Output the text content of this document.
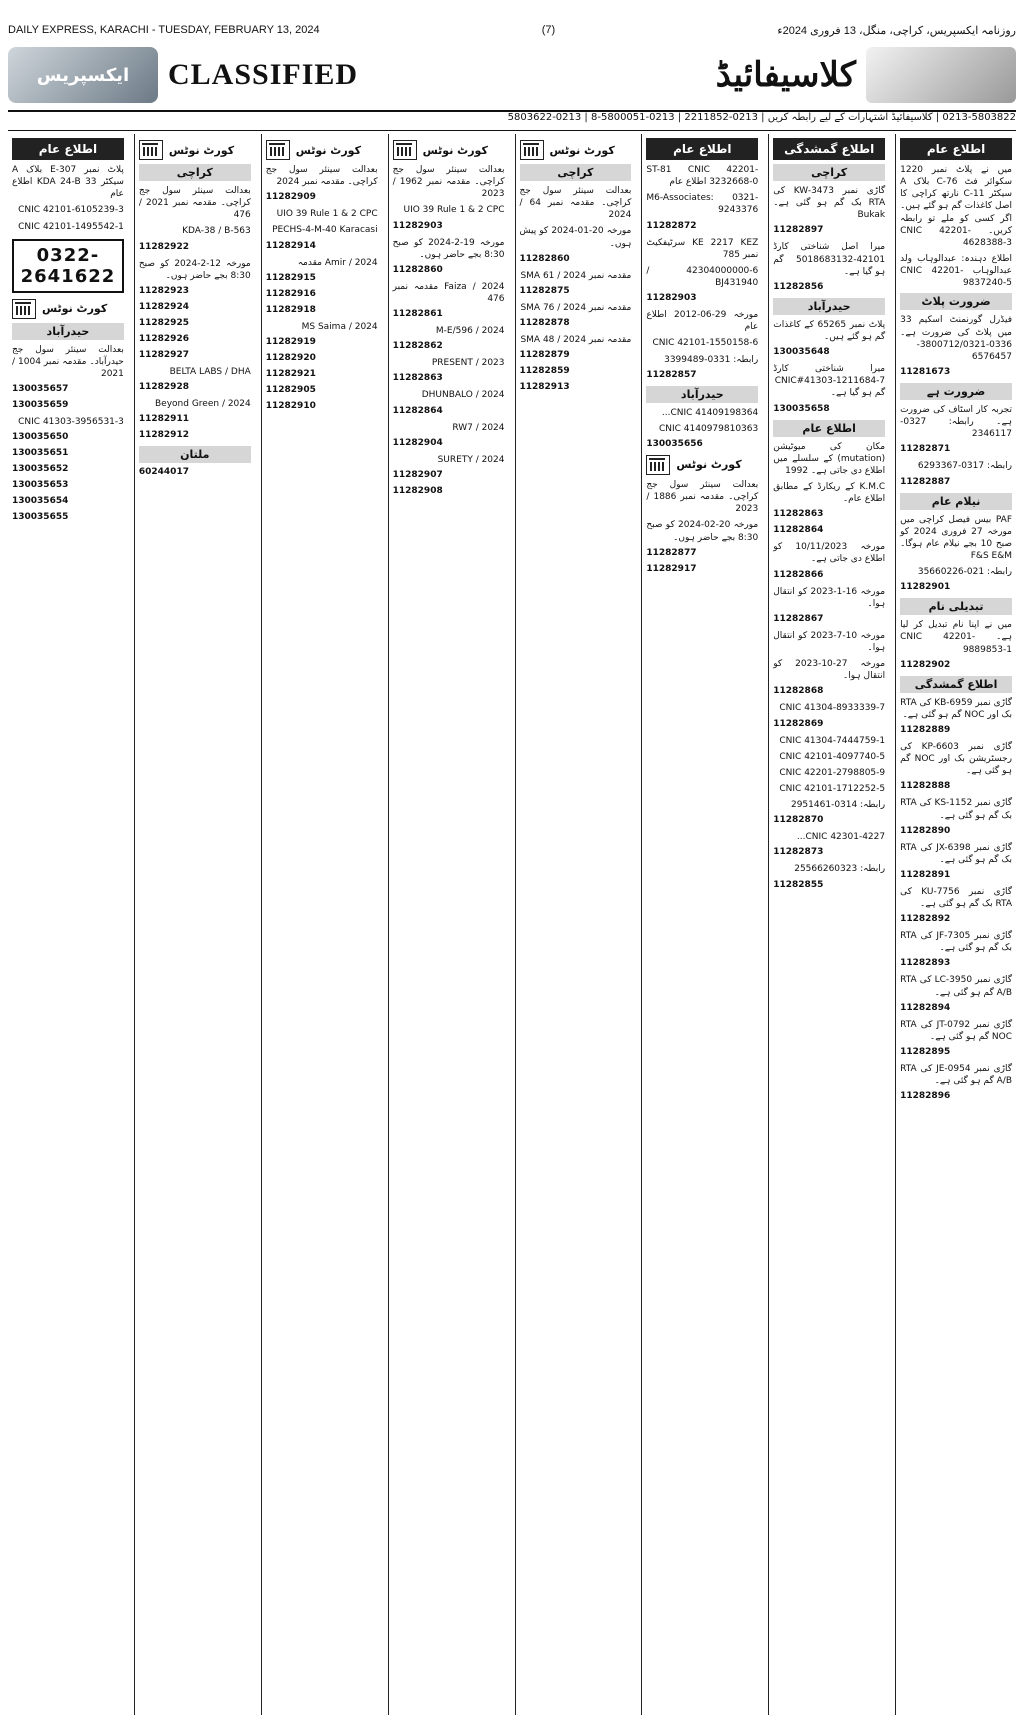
DAILY EXPRESS, KARACHI - TUESDAY, FEBRUARY 13, 2024	(7)	روزنامہ ایکسپریس، کراچی، منگل، 13 فروری 2024ء
ایکسپریس CLASSIFIED	کلاسیفائیڈ
0213-5803822 | کلاسیفائیڈ اشتہارات کے لیے رابطہ کریں | 0213-2211852 | 0213-5800051-8 | 0213-5803622
اطلاع عام
میں نے پلاٹ نمبر 1220 سکوائر فٹ C-76 بلاک A سیکٹر 11-C نارتھ کراچی کا اصل کاغذات گم ہو گئے ہیں۔ اگر کسی کو ملے تو رابطہ کریں۔ CNIC 42201-4628388-3
اطلاع دہندہ: عبدالوہاب ولد عبدالوہاب CNIC 42201-9837240-5
ضرورت پلاٹ
فیڈرل گورنمنٹ اسکیم 33 میں پلاٹ کی ضرورت ہے۔ 0336-3800712/0321-6576457
11281673
ضرورت ہے
تجربہ کار اسٹاف کی ضرورت ہے۔ رابطہ: 0327-2346117
11282871
رابطہ: 0317-6293367
11282887
نیلام عام
PAF بیس فیصل کراچی میں مورخہ 27 فروری 2024 کو صبح 10 بجے نیلام عام ہوگا۔ F&S E&M
رابطہ: 021-35660226
11282901
تبدیلی نام
میں نے اپنا نام تبدیل کر لیا ہے۔ CNIC 42201-9889853-1
11282902
اطلاع گمشدگی
گاڑی نمبر KB-6959 کی RTA بک اور NOC گم ہو گئی ہے۔
11282889
گاڑی نمبر KP-6603 کی رجسٹریشن بک اور NOC گم ہو گئی ہے۔
11282888
گاڑی نمبر KS-1152 کی RTA بک گم ہو گئی ہے۔
11282890
گاڑی نمبر JX-6398 کی RTA بک گم ہو گئی ہے۔
11282891
گاڑی نمبر KU-7756 کی RTA بک گم ہو گئی ہے۔
11282892
گاڑی نمبر JF-7305 کی RTA بک گم ہو گئی ہے۔
11282893
گاڑی نمبر LC-3950 کی RTA A/B گم ہو گئی ہے۔
11282894
گاڑی نمبر JT-0792 کی RTA NOC گم ہو گئی ہے۔
11282895
گاڑی نمبر JE-0954 کی RTA A/B گم ہو گئی ہے۔
11282896
اطلاع گمشدگی
کراچی
گاڑی نمبر KW-3473 کی RTA بک گم ہو گئی ہے۔ Bukak
11282897
میرا اصل شناختی کارڈ 42101-5018683132 گم ہو گیا ہے۔
11282856
حیدرآباد
پلاٹ نمبر 65265 کے کاغذات گم ہو گئے ہیں۔
130035648
میرا شناختی کارڈ CNIC#41303-1211684-7 گم ہو گیا ہے۔
130035658
اطلاع عام
مکان کی میوٹیشن (mutation) کے سلسلے میں اطلاع دی جاتی ہے۔ 1992
K.M.C کے ریکارڈ کے مطابق اطلاع عام۔
11282863
11282864
مورخہ 10/11/2023 کو اطلاع دی جاتی ہے۔
11282866
مورخہ 16-1-2023 کو انتقال ہوا۔
11282867
مورخہ 10-7-2023 کو انتقال ہوا۔
مورخہ 27-10-2023 کو انتقال ہوا۔
11282868
CNIC 41304-8933339-7
11282869
CNIC 41304-7444759-1
CNIC 42101-4097740-5
CNIC 42201-2798805-9
CNIC 42101-1712252-5
رابطہ: 0314-2951461
11282870
CNIC 42301-4227...
11282873
رابطہ: 25566260323
11282855
اطلاع عام
ST-81 CNIC 42201-3232668-0 اطلاع عام
M6-Associates: 0321-9243376
11282872
KE 2217 KEZ سرٹیفکیٹ نمبر 785
42304000000-6 / BJ431940
11282903
مورخہ 29-06-2012 اطلاع عام
CNIC 42101-1550158-6
رابطہ: 0331-3399489
11282857
حیدرآباد
CNIC 41409198364...
CNIC 4140979810363
130035656
کورٹ نوٹس
بعدالت سینئر سول جج کراچی۔ مقدمہ نمبر 1886 / 2023
مورخہ 20-02-2024 کو صبح 8:30 بجے حاضر ہوں۔
11282877
11282917
کورٹ نوٹس
کراچی
بعدالت سینئر سول جج کراچی۔ مقدمہ نمبر 64 / 2024
مورخہ 20-01-2024 کو پیش ہوں۔
11282860
مقدمہ نمبر SMA 61 / 2024
11282875
مقدمہ نمبر SMA 76 / 2024
11282878
مقدمہ نمبر SMA 48 / 2024
11282879
11282859
11282913
کورٹ نوٹس
بعدالت سینئر سول جج کراچی۔ مقدمہ نمبر 1962 / 2023
UIO 39 Rule 1 & 2 CPC
11282903
مورخہ 19-2-2024 کو صبح 8:30 بجے حاضر ہوں۔
11282860
Faiza / 2024 مقدمہ نمبر 476
11282861
M-E/596 / 2024
11282862
PRESENT / 2023
11282863
DHUNBALO / 2024
11282864
RW7 / 2024
11282904
SURETY / 2024
11282907
11282908
کورٹ نوٹس
بعدالت سینئر سول جج کراچی۔ مقدمہ نمبر 2024
11282909
UIO 39 Rule 1 & 2 CPC
PECHS-4-M-40 Karacasi
11282914
Amir / 2024 مقدمہ
11282915
11282916
11282918
MS Saima / 2024
11282919
11282920
11282921
11282905
11282910
کورٹ نوٹس
کراچی
بعدالت سینئر سول جج کراچی۔ مقدمہ نمبر 2021 / 476
KDA-38 / B-563
11282922
مورخہ 12-2-2024 کو صبح 8:30 بجے حاضر ہوں۔
11282923
11282924
11282925
11282926
11282927
BELTA LABS / DHA
11282928
Beyond Green / 2024
11282911
11282912
ملتان
60244017
اطلاع عام
پلاٹ نمبر E-307 بلاک A سیکٹر 33 KDA 24-B اطلاع عام
CNIC 42101-6105239-3
CNIC 42101-1495542-1
0322-2641622
کورٹ نوٹس
حیدرآباد
بعدالت سینئر سول جج حیدرآباد۔ مقدمہ نمبر 1004 / 2021
130035657
130035659
CNIC 41303-3956531-3
130035650
130035651
130035652
130035653
130035654
130035655
